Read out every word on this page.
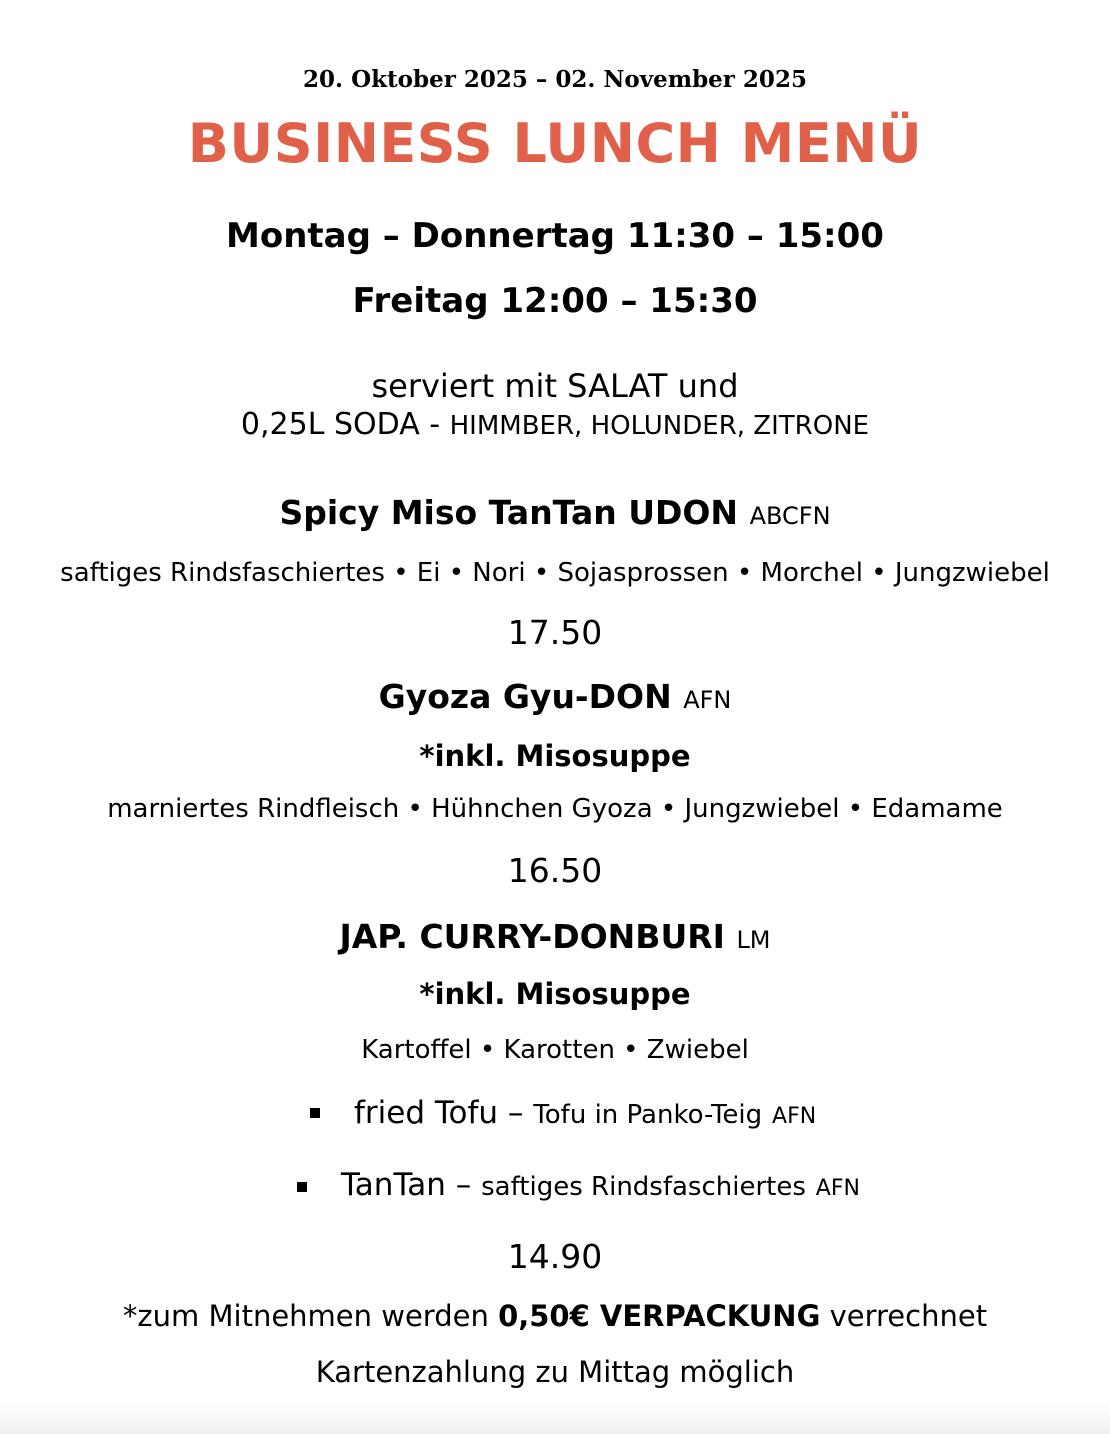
20. Oktober 2025 – 02. November 2025
BUSINESS LUNCH MENÜ
Montag – Donnertag 11:30 – 15:00
Freitag 12:00 – 15:30
serviert mit SALAT und
0,25L SODA - HIMMBER, HOLUNDER, ZITRONE
Spicy Miso TanTan UDON ABCFN
saftiges Rindsfaschiertes • Ei • Nori • Sojasprossen • Morchel • Jungzwiebel
17.50
Gyoza Gyu-DON AFN
*inkl. Misosuppe
marniertes Rindfleisch • Hühnchen Gyoza • Jungzwiebel • Edamame
16.50
JAP. CURRY-DONBURI LM
*inkl. Misosuppe
Kartoffel • Karotten • Zwiebel
fried Tofu – Tofu in Panko-Teig AFN
TanTan – saftiges Rindsfaschiertes AFN
14.90
*zum Mitnehmen werden 0,50€ VERPACKUNG verrechnet
Kartenzahlung zu Mittag möglich
